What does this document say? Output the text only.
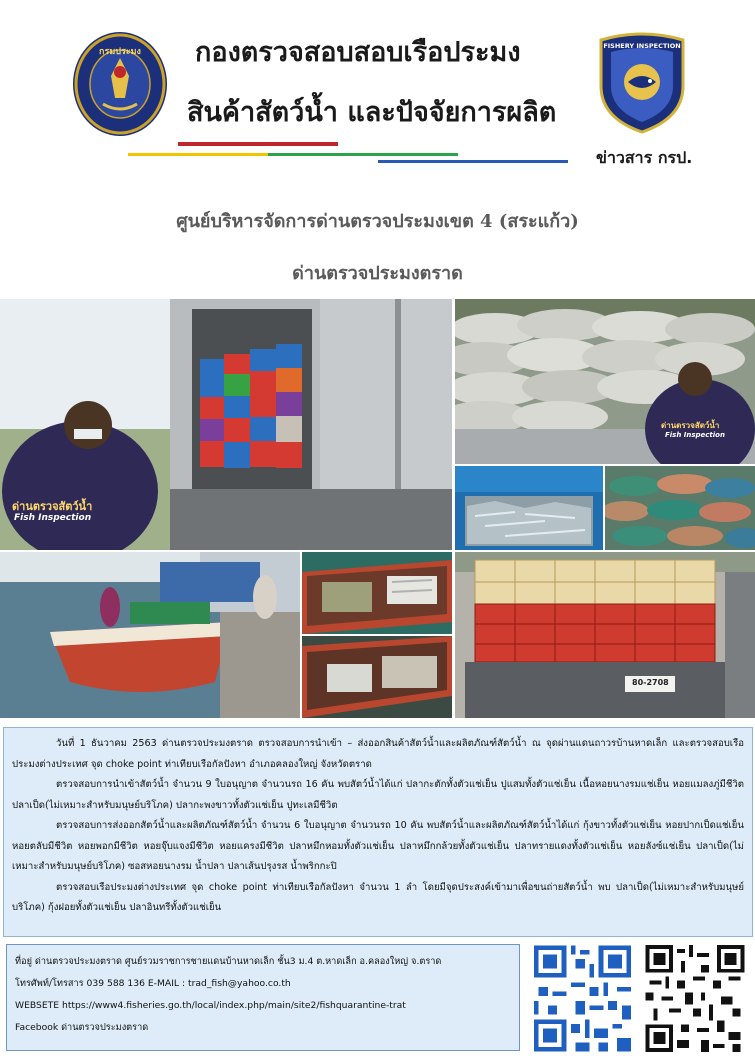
กรมประมง กองตรวจสอบสอบเรือประมง
สินค้าสัตว์น้ำ และปัจจัยการผลิต
FISHERY INSPECTION
ข่าวสาร กรป.
ศูนย์บริหารจัดการด่านตรวจประมงเขต 4 (สระแก้ว)
ด่านตรวจประมงตราด
ด่านตรวจสัตว์น้ำ
Fish Inspection
ด่านตรวจสัตว์น้ำ
Fish Inspection
80-2708

วันที่ 1 ธันวาคม 2563 ด่านตรวจประมงตราด ตรวจสอบการนำเข้า – ส่งออกสินค้าสัตว์น้ำและผลิตภัณฑ์สัตว์น้ำ ณ จุดผ่านแดนถาวรบ้านหาดเล็ก และตรวจสอบเรือประมงต่างประเทศ จุด choke point ท่าเทียบเรือกัลปังหา อำเภอคลองใหญ่ จังหวัดตราด

ตรวจสอบการนำเข้าสัตว์น้ำ จำนวน 9 ใบอนุญาต จำนวนรถ 16 คัน พบสัตว์น้ำได้แก่ ปลากะตักทั้งตัวแช่เย็น ปูแสมทั้งตัวแช่เย็น เนื้อหอยนางรมแช่เย็น หอยแมลงภู่มีชีวิต ปลาเป็ด(ไม่เหมาะสำหรับมนุษย์บริโภค) ปลากะพงขาวทั้งตัวแช่เย็น ปูทะเลมีชีวิต

ตรวจสอบการส่งออกสัตว์น้ำและผลิตภัณฑ์สัตว์น้ำ จำนวน 6 ใบอนุญาต จำนวนรถ 10 คัน พบสัตว์น้ำและผลิตภัณฑ์สัตว์น้ำได้แก่ กุ้งขาวทั้งตัวแช่เย็น หอยปากเป็ดแช่เย็น หอยตลับมีชีวิต หอยพอกมีชีวิต หอยจุ๊บแจงมีชีวิต หอยแครงมีชีวิต ปลาหมึกหอมทั้งตัวแช่เย็น ปลาหมึกกล้วยทั้งตัวแช่เย็น ปลาทรายแดงทั้งตัวแช่เย็น หอยลังซ์แช่เย็น ปลาเป็ด(ไม่เหมาะสำหรับมนุษย์บริโภค) ซอสหอยนางรม น้ำปลา ปลาเส้นปรุงรส น้ำพริกกะปิ

ตรวจสอบเรือประมงต่างประเทศ จุด choke point ท่าเทียบเรือกัลปังหา จำนวน 1 ลำ โดยมีจุดประสงค์เข้ามาเพื่อขนถ่ายสัตว์น้ำ พบ ปลาเป็ด(ไม่เหมาะสำหรับมนุษย์บริโภค) กุ้งฝอยทั้งตัวแช่เย็น ปลาอินทรีทั้งตัวแช่เย็น

ที่อยู่ ด่านตรวจประมงตราด ศูนย์รวมราชการชายแดนบ้านหาดเล็ก ชั้น3 ม.4 ต.หาดเล็ก อ.คลองใหญ่ จ.ตราด
โทรศัพท์/โทรสาร 039 588 136 E-MAIL : trad_fish@yahoo.co.th
WEBSETE https://www4.fisheries.go.th/local/index.php/main/site2/fishquarantine-trat
Facebook ด่านตรวจประมงตราด
